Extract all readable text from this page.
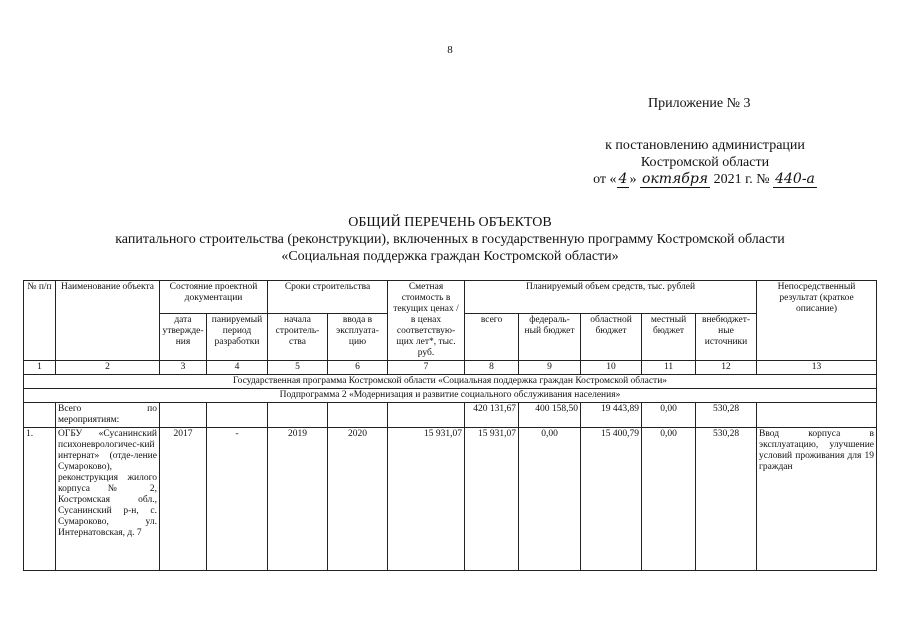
8
Приложение № 3
к постановлению администрации
Костромской области
от « 4 » октября 2021 г. № 440-а
ОБЩИЙ ПЕРЕЧЕНЬ ОБЪЕКТОВ
капитального строительства (реконструкции), включенных в государственную программу Костромской области
«Социальная поддержка граждан Костромской области»
№ п/п	Наименование объекта	Состояние проектной документации		Сроки строительства		Сметная стоимость в текущих ценах / в ценах соответствую-щих лет*, тыс. руб.	Планируемый объем средств, тыс. рублей					Непосредственный результат (краткое описание)
		дата утвержде-ния	панируемый период разработки	начала строитель-ства	ввода в эксплуата-цию		всего	федераль-ный бюджет	областной бюджет	местный бюджет	внебюджет-ные источники	
1	2	3	4	5	6	7	8	9	10	11	12	13
Государственная программа Костромской области «Социальная поддержка граждан Костромской области»												
Подпрограмма 2 «Модернизация и развитие социального обслуживания населения»												
	Всего по мероприятиям:						420 131,67	400 158,50	19 443,89	0,00	530,28	
1.	ОГБУ «Сусанинский психоневрологичес-кий интернат» (отде-ление Сумароково), реконструкция жилого корпуса № 2, Костромская обл., Сусанинский р-н, с. Сумароково, ул. Интернатовская, д. 7	2017	-	2019	2020	15 931,07	15 931,07	0,00	15 400,79	0,00	530,28	Ввод корпуса в эксплуатацию, улучшение условий проживания для 19 граждан
